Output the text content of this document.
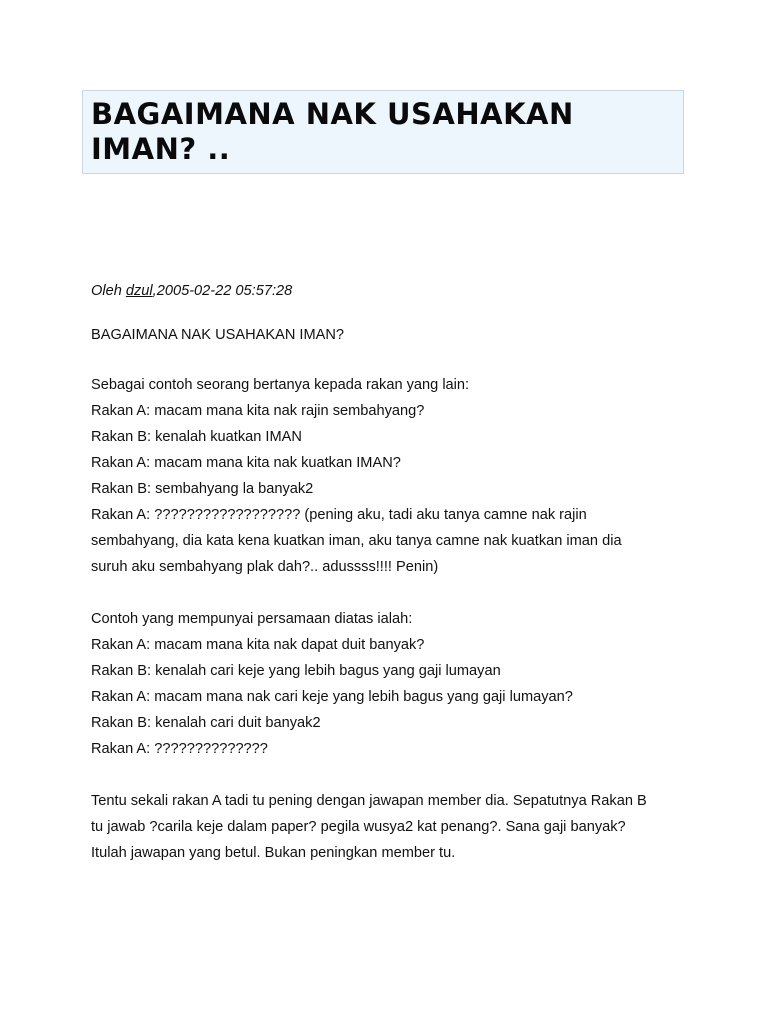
BAGAIMANA NAK USAHAKAN IMAN? ..

Oleh dzul,2005-02-22 05:57:28

BAGAIMANA NAK USAHAKAN IMAN?

Sebagai contoh seorang bertanya kepada rakan yang lain:
Rakan A: macam mana kita nak rajin sembahyang?
Rakan B: kenalah kuatkan IMAN
Rakan A: macam mana kita nak kuatkan IMAN?
Rakan B: sembahyang la banyak2
Rakan A: ?????????????????? (pening aku, tadi aku tanya camne nak rajin
sembahyang, dia kata kena kuatkan iman, aku tanya camne nak kuatkan iman dia
suruh aku sembahyang plak dah?.. adussss!!!! Penin)

Contoh yang mempunyai persamaan diatas ialah:
Rakan A: macam mana kita nak dapat duit banyak?
Rakan B: kenalah cari keje yang lebih bagus yang gaji lumayan
Rakan A: macam mana nak cari keje yang lebih bagus yang gaji lumayan?
Rakan B: kenalah cari duit banyak2
Rakan A: ??????????????

Tentu sekali rakan A tadi tu pening dengan jawapan member dia. Sepatutnya Rakan B
tu jawab ?carila keje dalam paper? pegila wusya2 kat penang?. Sana gaji banyak?
Itulah jawapan yang betul. Bukan peningkan member tu.
